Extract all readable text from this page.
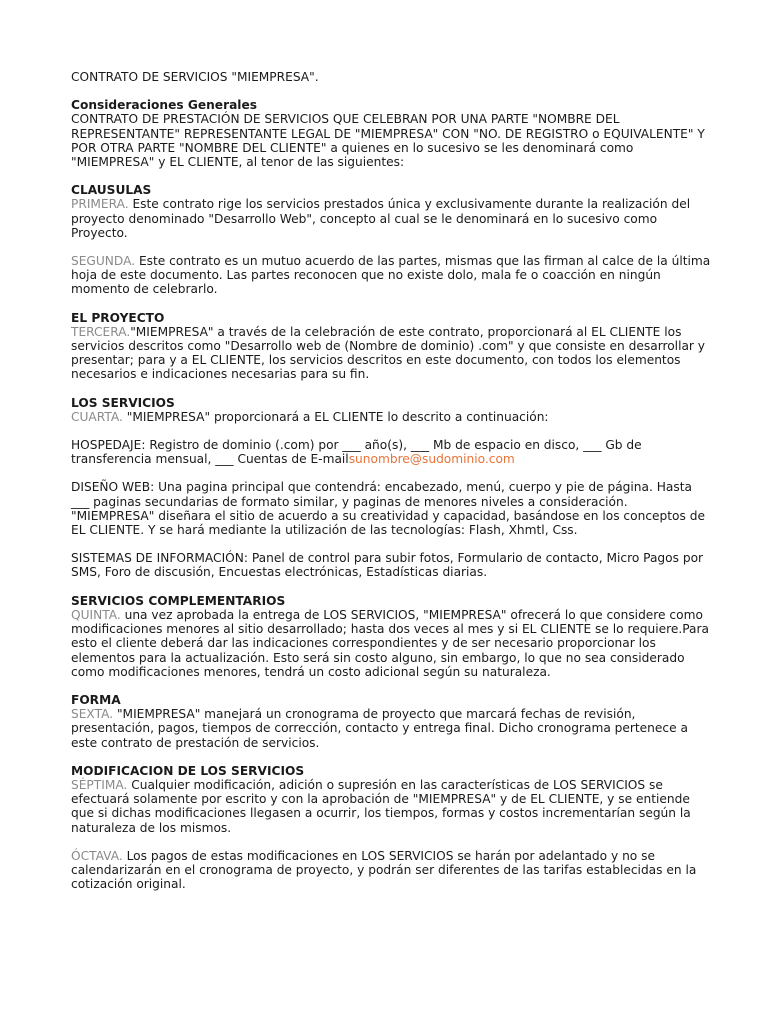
CONTRATO DE SERVICIOS "MIEMPRESA".

Consideraciones Generales

CONTRATO DE PRESTACIÓN DE SERVICIOS QUE CELEBRAN POR UNA PARTE "NOMBRE DEL REPRESENTANTE" REPRESENTANTE LEGAL DE "MIEMPRESA" CON "NO. DE REGISTRO o EQUIVALENTE" Y POR OTRA PARTE "NOMBRE DEL CLIENTE" a quienes en lo sucesivo se les denominará como "MIEMPRESA" y EL CLIENTE, al tenor de las siguientes:

CLAUSULAS

PRIMERA. Este contrato rige los servicios prestados única y exclusivamente durante la realización del proyecto denominado "Desarrollo Web", concepto al cual se le denominará en lo sucesivo como Proyecto.

SEGUNDA. Este contrato es un mutuo acuerdo de las partes, mismas que las firman al calce de la última hoja de este documento. Las partes reconocen que no existe dolo, mala fe o coacción en ningún momento de celebrarlo.

EL PROYECTO

TERCERA."MIEMPRESA" a través de la celebración de este contrato, proporcionará al EL CLIENTE los servicios descritos como "Desarrollo web de (Nombre de dominio) .com" y que consiste en desarrollar y presentar; para y a EL CLIENTE, los servicios descritos en este documento, con todos los elementos necesarios e indicaciones necesarias para su fin.

LOS SERVICIOS

CUARTA. "MIEMPRESA" proporcionará a EL CLIENTE lo descrito a continuación:

HOSPEDAJE: Registro de dominio (.com) por ___ año(s), ___ Mb de espacio en disco, ___ Gb de transferencia mensual, ___ Cuentas de E-mailsunombre@sudominio.com

DISEÑO WEB: Una pagina principal que contendrá: encabezado, menú, cuerpo y pie de página. Hasta ___ paginas secundarias de formato similar, y paginas de menores niveles a consideración. "MIEMPRESA" diseñara el sitio de acuerdo a su creatividad y capacidad, basándose en los conceptos de EL CLIENTE. Y se hará mediante la utilización de las tecnologías: Flash, Xhmtl, Css.

SISTEMAS DE INFORMACIÓN: Panel de control para subir fotos, Formulario de contacto, Micro Pagos por SMS, Foro de discusión, Encuestas electrónicas, Estadísticas diarias.

SERVICIOS COMPLEMENTARIOS

QUINTA. una vez aprobada la entrega de LOS SERVICIOS, "MIEMPRESA" ofrecerá lo que considere como modificaciones menores al sitio desarrollado; hasta dos veces al mes y si EL CLIENTE se lo requiere.Para esto el cliente deberá dar las indicaciones correspondientes y de ser necesario proporcionar los elementos para la actualización. Esto será sin costo alguno, sin embargo, lo que no sea considerado como modificaciones menores, tendrá un costo adicional según su naturaleza.

FORMA

SEXTA. "MIEMPRESA" manejará un cronograma de proyecto que marcará fechas de revisión, presentación, pagos, tiempos de corrección, contacto y entrega final. Dicho cronograma pertenece a este contrato de prestación de servicios.

MODIFICACION DE LOS SERVICIOS

SÉPTIMA. Cualquier modificación, adición o supresión en las características de LOS SERVICIOS se efectuará solamente por escrito y con la aprobación de "MIEMPRESA" y de EL CLIENTE, y se entiende que si dichas modificaciones llegasen a ocurrir, los tiempos, formas y costos incrementarían según la naturaleza de los mismos.

ÓCTAVA. Los pagos de estas modificaciones en LOS SERVICIOS se harán por adelantado y no se calendarizarán en el cronograma de proyecto, y podrán ser diferentes de las tarifas establecidas en la cotización original.
